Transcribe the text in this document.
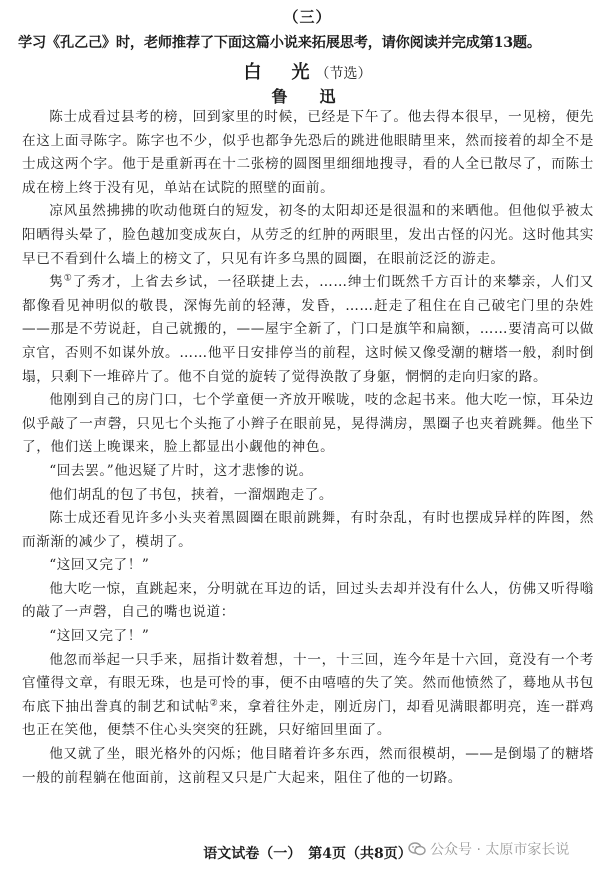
（三）
学习《孔乙己》时，老师推荐了下面这篇小说来拓展思考，请你阅读并完成第13题。
白　光（节选）
鲁　迅

陈士成看过县考的榜，回到家里的时候，已经是下午了。他去得本很早，一见榜，便先在这上面寻陈字。陈字也不少，似乎也都争先恐后的跳进他眼睛里来，然而接着的却全不是士成这两个字。他于是重新再在十二张榜的圆图里细细地搜寻，看的人全已散尽了，而陈士成在榜上终于没有见，单站在试院的照壁的面前。

凉风虽然拂拂的吹动他斑白的短发，初冬的太阳却还是很温和的来晒他。但他似乎被太阳晒得头晕了，脸色越加变成灰白，从劳乏的红肿的两眼里，发出古怪的闪光。这时他其实早已不看到什么墙上的榜文了，只见有许多乌黑的圆圈，在眼前泛泛的游走。

隽①了秀才，上省去乡试，一径联捷上去，……绅士们既然千方百计的来攀亲，人们又都像看见神明似的敬畏，深悔先前的轻薄，发昏，……赶走了租住在自己破宅门里的杂姓——那是不劳说赶，自己就搬的，——屋宇全新了，门口是旗竿和扁额，……要清高可以做京官，否则不如谋外放。……他平日安排停当的前程，这时候又像受潮的糖塔一般，刹时倒塌，只剩下一堆碎片了。他不自觉的旋转了觉得涣散了身躯，惘惘的走向归家的路。

他刚到自己的房门口，七个学童便一齐放开喉咙，吱的念起书来。他大吃一惊，耳朵边似乎敲了一声磬，只见七个头拖了小辫子在眼前晃，晃得满房，黑圈子也夹着跳舞。他坐下了，他们送上晚课来，脸上都显出小觑他的神色。

“回去罢。”他迟疑了片时，这才悲惨的说。

他们胡乱的包了书包，挟着，一溜烟跑走了。

陈士成还看见许多小头夹着黑圆圈在眼前跳舞，有时杂乱，有时也摆成异样的阵图，然而渐渐的减少了，模胡了。

“这回又完了！”

他大吃一惊，直跳起来，分明就在耳边的话，回过头去却并没有什么人，仿佛又听得嗡的敲了一声磬，自己的嘴也说道：

“这回又完了！”

他忽而举起一只手来，屈指计数着想，十一，十三回，连今年是十六回，竟没有一个考官懂得文章，有眼无珠，也是可怜的事，便不由嘻嘻的失了笑。然而他愤然了，蓦地从书包布底下抽出誊真的制艺和试帖②来，拿着往外走，刚近房门，却看见满眼都明亮，连一群鸡也正在笑他，便禁不住心头突突的狂跳，只好缩回里面了。

他又就了坐，眼光格外的闪烁；他目睹着许多东西，然而很模胡，——是倒塌了的糖塔一般的前程躺在他面前，这前程又只是广大起来，阻住了他的一切路。

语文试卷（一）　第4页（共8页）	公众号 · 太原市家长说
